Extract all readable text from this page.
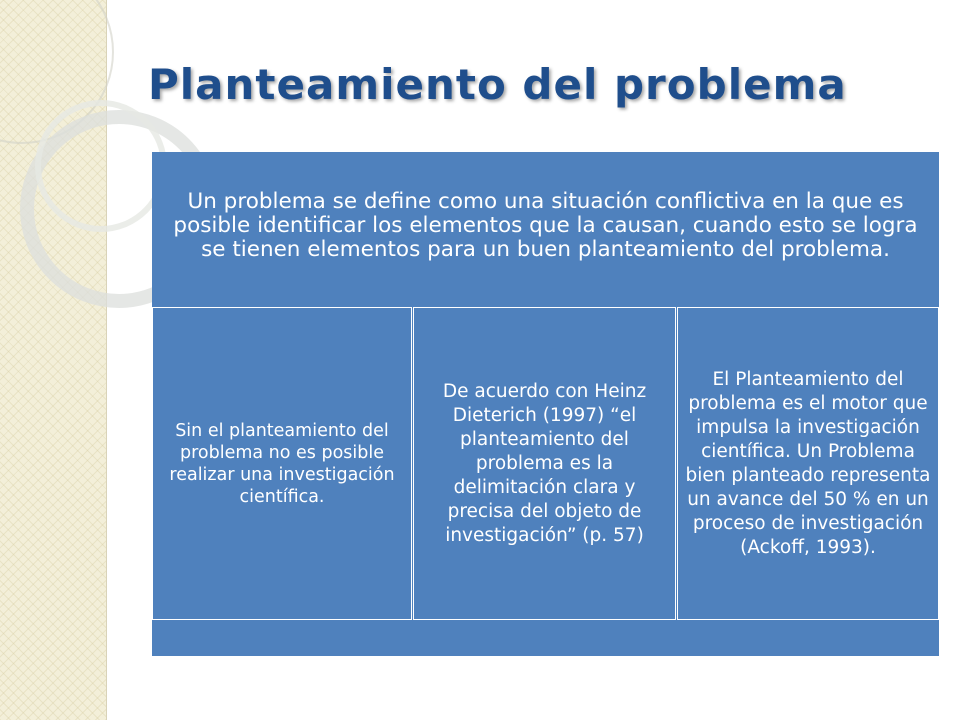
Planteamiento del problema
Un problema se define como una situación conflictiva en la que es posible identificar los elementos que la causan, cuando esto se logra se tienen elementos para un buen planteamiento del problema.
Sin el planteamiento del problema no es posible realizar una investigación científica.
De acuerdo con Heinz Dieterich (1997) “el planteamiento del problema es la delimitación clara y precisa del objeto de investigación” (p. 57)
El Planteamiento del problema es el motor que impulsa la investigación científica. Un Problema bien planteado representa un avance del 50 % en un proceso de investigación (Ackoff, 1993).
